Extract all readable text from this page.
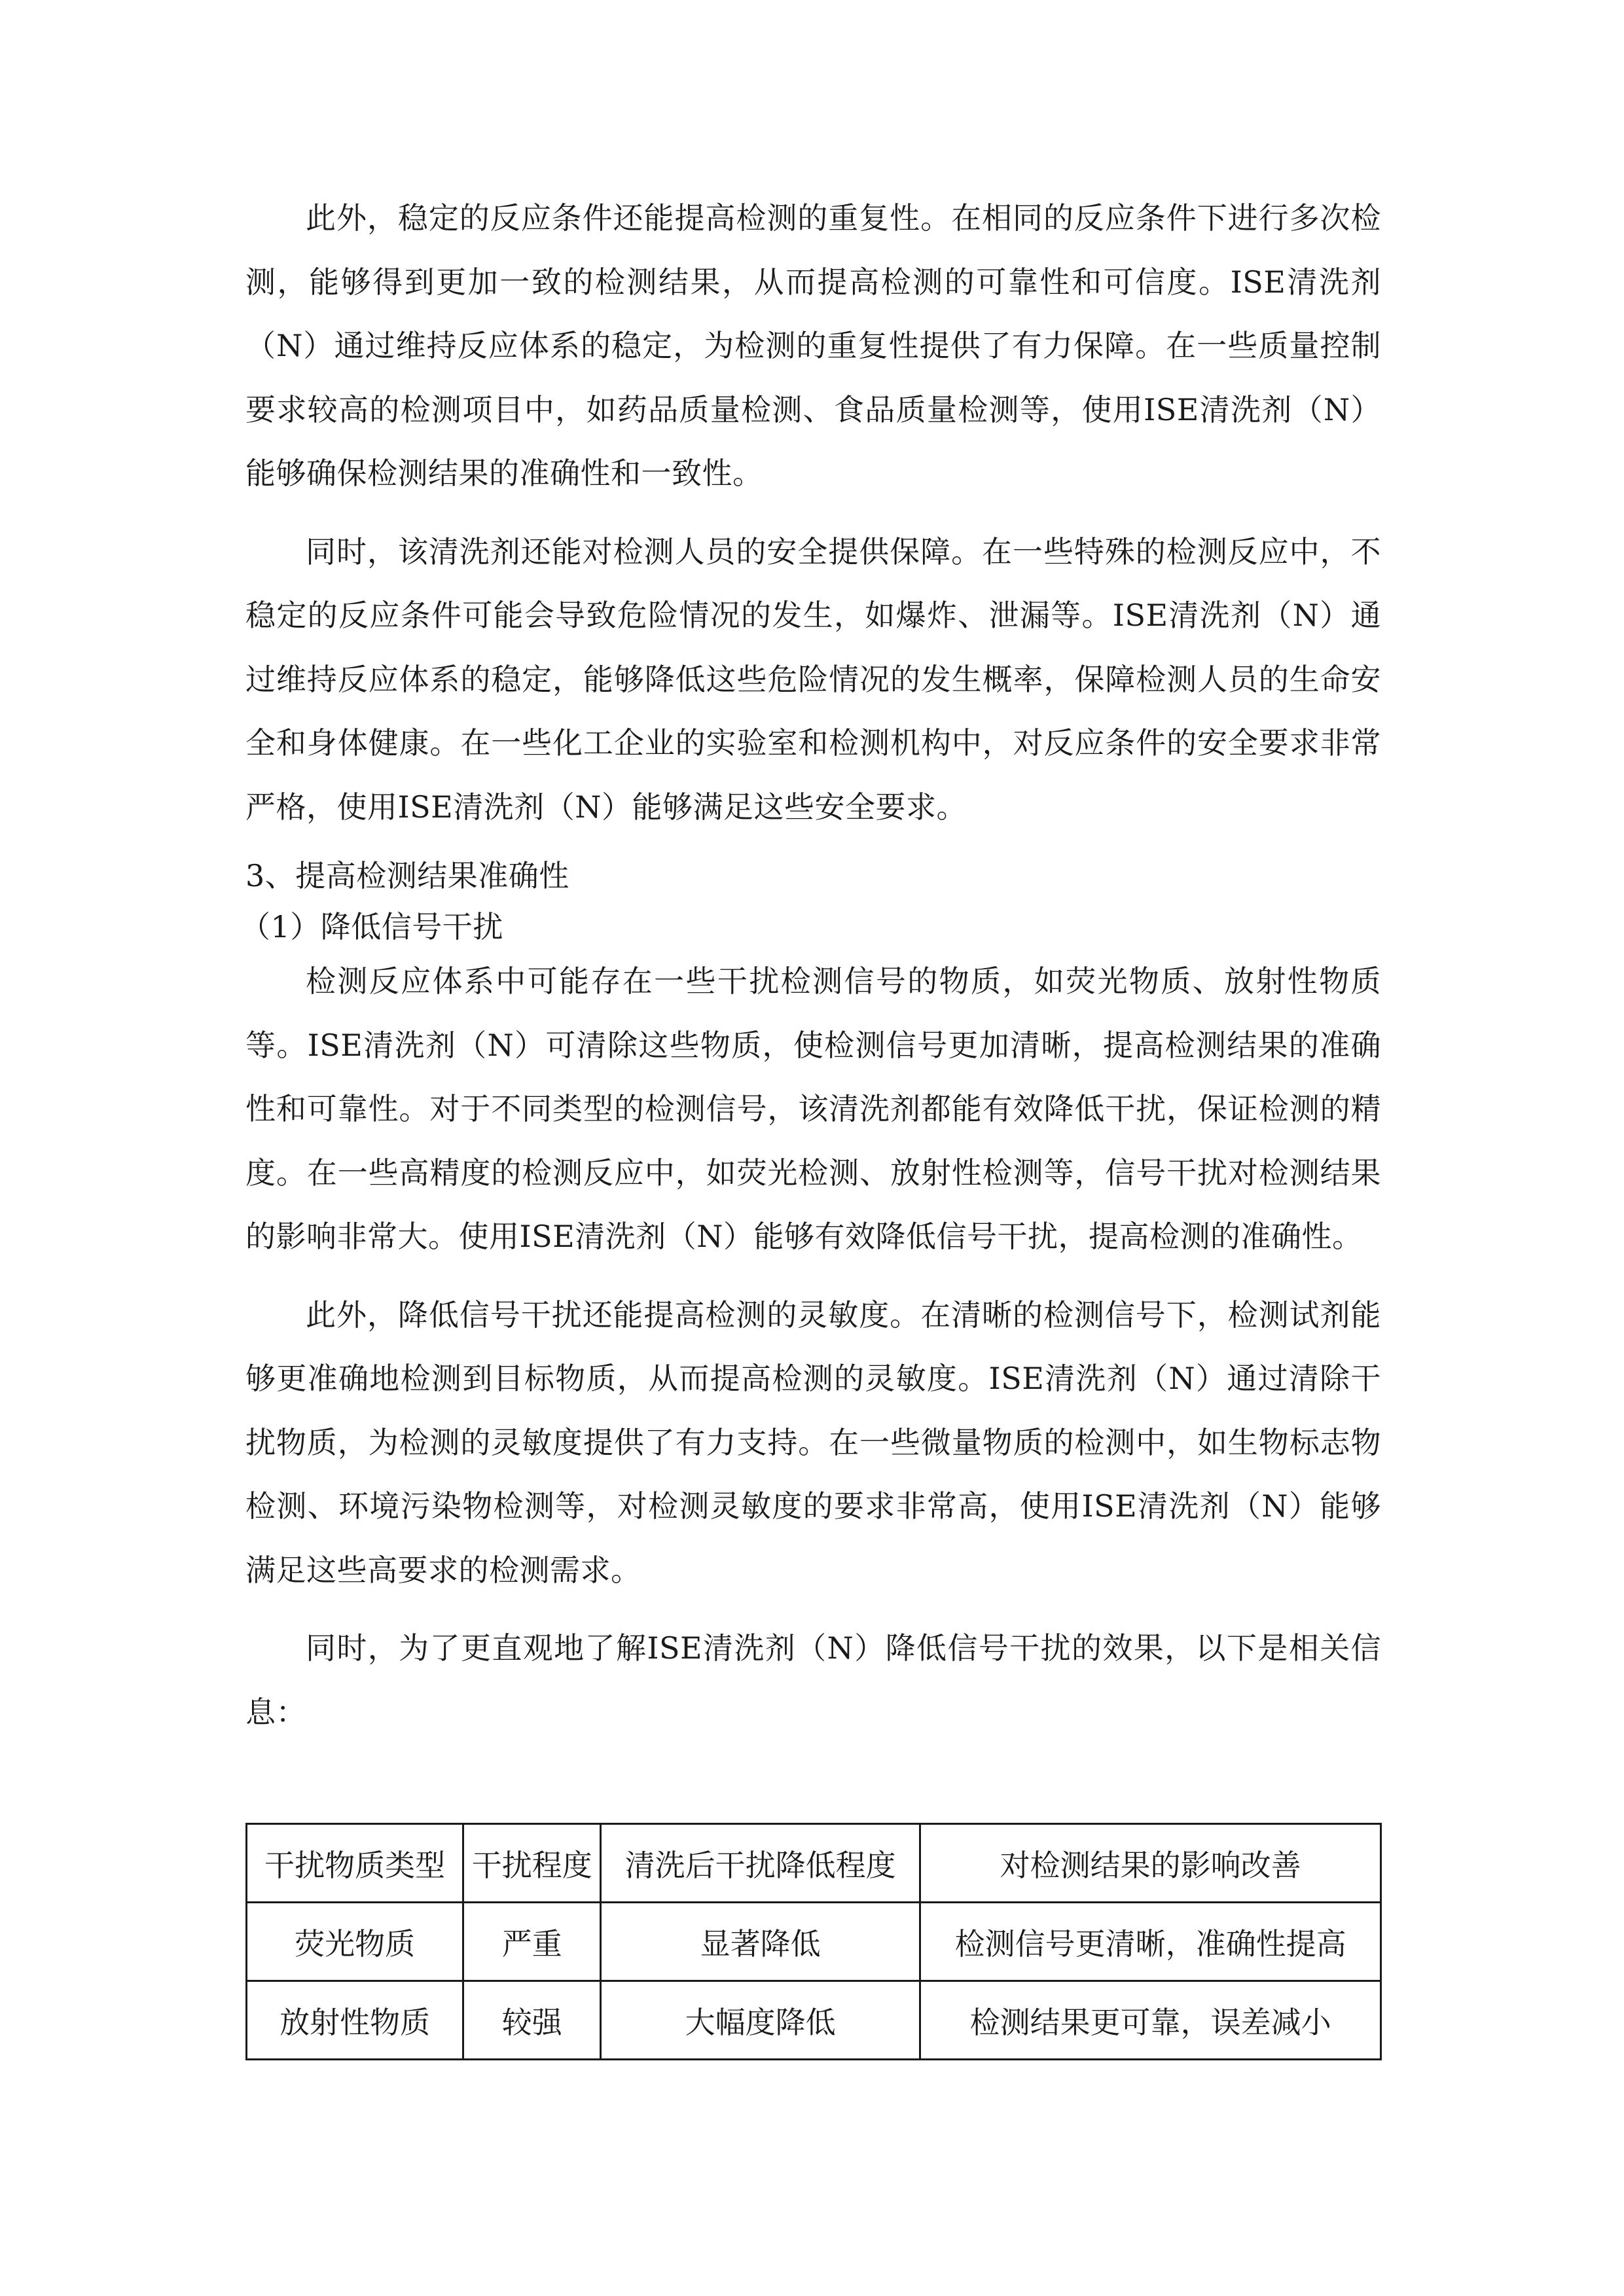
此外，稳定的反应条件还能提高检测的重复性。在相同的反应条件下进行多次检测，能够得到更加一致的检测结果，从而提高检测的可靠性和可信度。ISE清洗剂（N）通过维持反应体系的稳定，为检测的重复性提供了有力保障。在一些质量控制要求较高的检测项目中，如药品质量检测、食品质量检测等，使用ISE清洗剂（N）能够确保检测结果的准确性和一致性。

同时，该清洗剂还能对检测人员的安全提供保障。在一些特殊的检测反应中，不稳定的反应条件可能会导致危险情况的发生，如爆炸、泄漏等。ISE清洗剂（N）通过维持反应体系的稳定，能够降低这些危险情况的发生概率，保障检测人员的生命安全和身体健康。在一些化工企业的实验室和检测机构中，对反应条件的安全要求非常严格，使用ISE清洗剂（N）能够满足这些安全要求。

3、提高检测结果准确性

（1）降低信号干扰

检测反应体系中可能存在一些干扰检测信号的物质，如荧光物质、放射性物质等。ISE清洗剂（N）可清除这些物质，使检测信号更加清晰，提高检测结果的准确性和可靠性。对于不同类型的检测信号，该清洗剂都能有效降低干扰，保证检测的精度。在一些高精度的检测反应中，如荧光检测、放射性检测等，信号干扰对检测结果的影响非常大。使用ISE清洗剂（N）能够有效降低信号干扰，提高检测的准确性。

此外，降低信号干扰还能提高检测的灵敏度。在清晰的检测信号下，检测试剂能够更准确地检测到目标物质，从而提高检测的灵敏度。ISE清洗剂（N）通过清除干扰物质，为检测的灵敏度提供了有力支持。在一些微量物质的检测中，如生物标志物检测、环境污染物检测等，对检测灵敏度的要求非常高，使用ISE清洗剂（N）能够满足这些高要求的检测需求。

同时，为了更直观地了解ISE清洗剂（N）降低信号干扰的效果，以下是相关信息：

干扰物质类型	干扰程度	清洗后干扰降低程度	对检测结果的影响改善
荧光物质	严重	显著降低	检测信号更清晰，准确性提高
放射性物质	较强	大幅度降低	检测结果更可靠，误差减小
